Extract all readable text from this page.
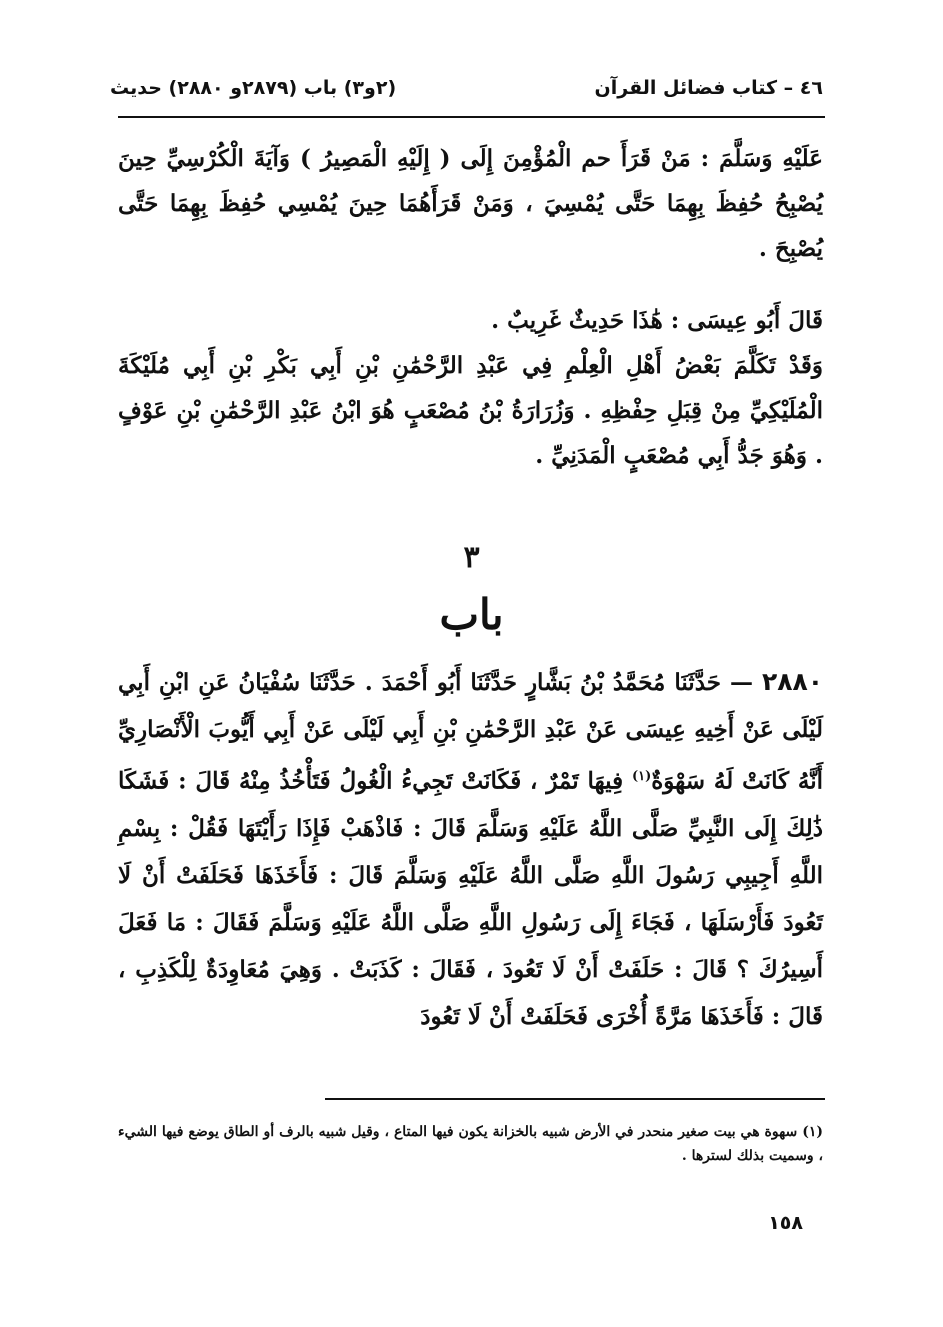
٤٦ – كتاب فضائل القرآن
(٢و٣) باب (٢٨٧٩و ٢٨٨٠) حديث
عَلَيْهِ وَسَلَّمَ : مَنْ قَرَأَ حم الْمُؤْمِنَ إِلَى ( إِلَيْهِ الْمَصِيرُ ) وَآيَةَ الْكُرْسِيِّ حِينَ يُصْبِحُ حُفِظَ بِهِمَا حَتَّى يُمْسِيَ ، وَمَنْ قَرَأَهُمَا حِينَ يُمْسِي حُفِظَ بِهِمَا حَتَّى يُصْبِحَ .
قَالَ أَبُو عِيسَى : هَٰذَا حَدِيثٌ غَرِيبٌ .
وَقَدْ تَكَلَّمَ بَعْضُ أَهْلِ الْعِلْمِ فِي عَبْدِ الرَّحْمَٰنِ بْنِ أَبِي بَكْرِ بْنِ أَبِي مُلَيْكَةَ الْمُلَيْكِيِّ مِنْ قِبَلِ حِفْظِهِ . وَزُرَارَةُ بْنُ مُصْعَبٍ هُوَ ابْنُ عَبْدِ الرَّحْمَٰنِ بْنِ عَوْفٍ . وَهُوَ جَدُّ أَبِي مُصْعَبٍ الْمَدَنِيِّ .
٣
باب
٢٨٨٠ — حَدَّثَنَا مُحَمَّدُ بْنُ بَشَّارٍ حَدَّثَنَا أَبُو أَحْمَدَ . حَدَّثَنَا سُفْيَانُ عَنِ ابْنِ أَبِي لَيْلَى عَنْ أَخِيهِ عِيسَى عَنْ عَبْدِ الرَّحْمَٰنِ بْنِ أَبِي لَيْلَى عَنْ أَبِي أَيُّوبَ الْأَنْصَارِيِّ أَنَّهُ كَانَتْ لَهُ سَهْوَةٌ$^{(١)}$ فِيهَا تَمْرٌ ، فَكَانَتْ تَجِيءُ الْغُولُ فَتَأْخُذُ مِنْهُ قَالَ : فَشَكَا ذَٰلِكَ إِلَى النَّبِيِّ صَلَّى اللَّهُ عَلَيْهِ وَسَلَّمَ قَالَ : فَاذْهَبْ فَإِذَا رَأَيْتَهَا فَقُلْ : بِسْمِ اللَّهِ أَجِيبِي رَسُولَ اللَّهِ صَلَّى اللَّهُ عَلَيْهِ وَسَلَّمَ قَالَ : فَأَخَذَهَا فَحَلَفَتْ أَنْ لَا تَعُودَ فَأَرْسَلَهَا ، فَجَاءَ إِلَى رَسُولِ اللَّهِ صَلَّى اللَّهُ عَلَيْهِ وَسَلَّمَ فَقَالَ : مَا فَعَلَ أَسِيرُكَ ؟ قَالَ : حَلَفَتْ أَنْ لَا تَعُودَ ، فَقَالَ : كَذَبَتْ . وَهِيَ مُعَاوِدَةٌ لِلْكَذِبِ ، قَالَ : فَأَخَذَهَا مَرَّةً أُخْرَى فَحَلَفَتْ أَنْ لَا تَعُودَ
(١) سهوة هي بيت صغير منحدر في الأرض شبيه بالخزانة يكون فيها المتاع ، وقيل شبيه بالرف أو الطاق يوضع فيها الشيء ، وسميت بذلك لسترها .
١٥٨
